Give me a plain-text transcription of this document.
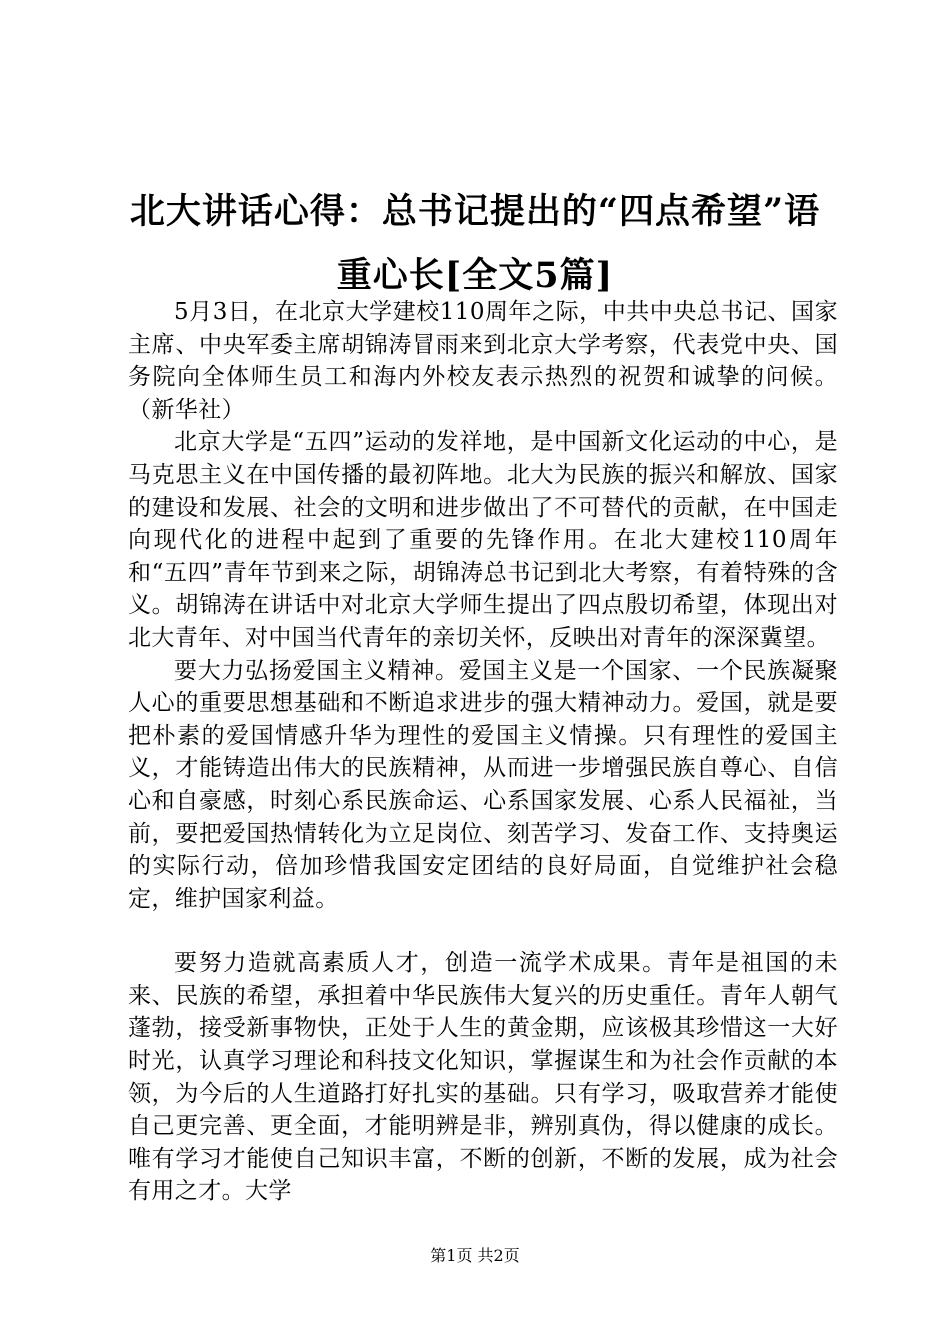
北大讲话心得：总书记提出的“四点希望”语
重心长[全文5篇]

5月3日，在北京大学建校110周年之际，中共中央总书记、国家主席、中央军委主席胡锦涛冒雨来到北京大学考察，代表党中央、国务院向全体师生员工和海内外校友表示热烈的祝贺和诚挚的问候。（新华社）

北京大学是“五四”运动的发祥地，是中国新文化运动的中心，是马克思主义在中国传播的最初阵地。北大为民族的振兴和解放、国家的建设和发展、社会的文明和进步做出了不可替代的贡献，在中国走向现代化的进程中起到了重要的先锋作用。在北大建校110周年和“五四”青年节到来之际，胡锦涛总书记到北大考察，有着特殊的含义。胡锦涛在讲话中对北京大学师生提出了四点殷切希望，体现出对北大青年、对中国当代青年的亲切关怀，反映出对青年的深深冀望。

要大力弘扬爱国主义精神。爱国主义是一个国家、一个民族凝聚人心的重要思想基础和不断追求进步的强大精神动力。爱国，就是要把朴素的爱国情感升华为理性的爱国主义情操。只有理性的爱国主义，才能铸造出伟大的民族精神，从而进一步增强民族自尊心、自信心和自豪感，时刻心系民族命运、心系国家发展、心系人民福祉，当前，要把爱国热情转化为立足岗位、刻苦学习、发奋工作、支持奥运的实际行动，倍加珍惜我国安定团结的良好局面，自觉维护社会稳定，维护国家利益。

要努力造就高素质人才，创造一流学术成果。青年是祖国的未来、民族的希望，承担着中华民族伟大复兴的历史重任。青年人朝气蓬勃，接受新事物快，正处于人生的黄金期，应该极其珍惜这一大好时光，认真学习理论和科技文化知识，掌握谋生和为社会作贡献的本领，为今后的人生道路打好扎实的基础。只有学习，吸取营养才能使自己更完善、更全面，才能明辨是非，辨别真伪，得以健康的成长。唯有学习才能使自己知识丰富，不断的创新，不断的发展，成为社会有用之才。大学

第1页 共2页
